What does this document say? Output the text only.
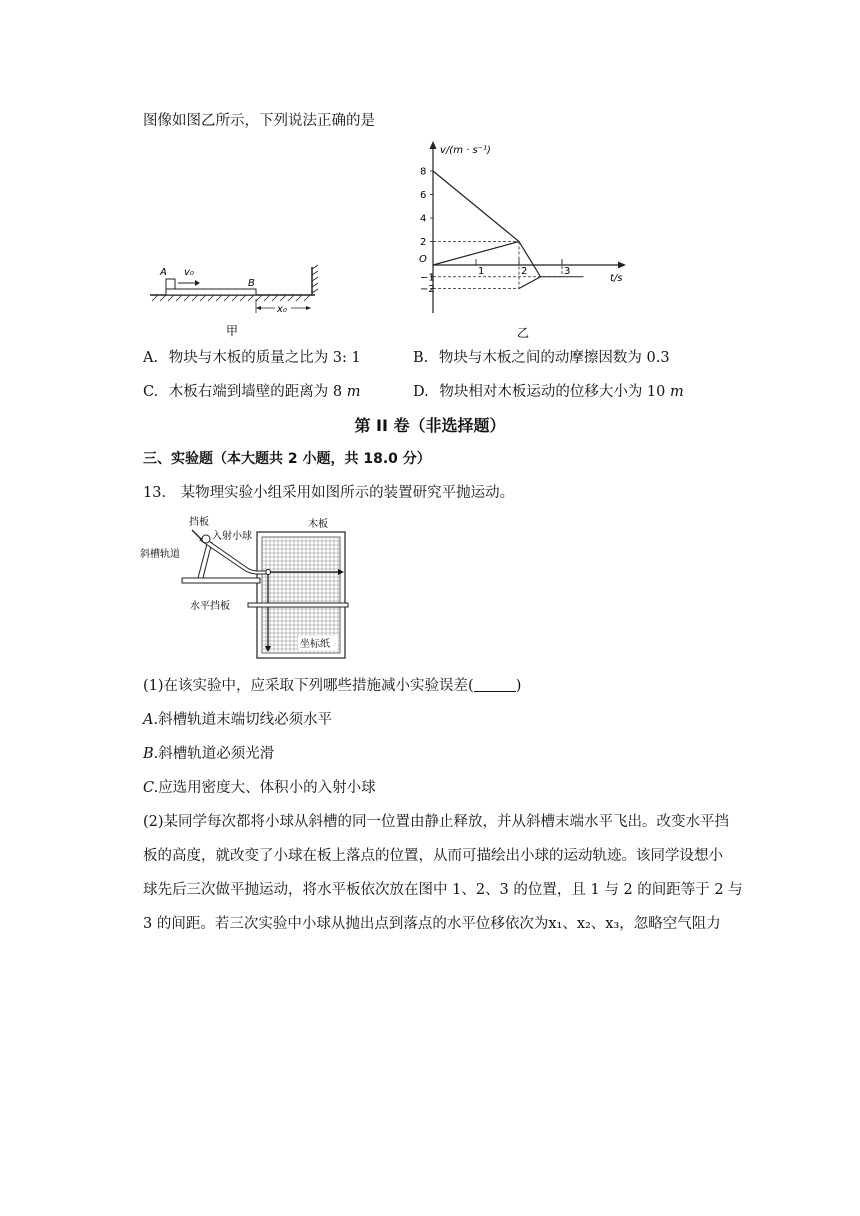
图像如图乙所示，下列说法正确的是
A v₀
B
x₀
甲
v/(m · s⁻¹)
t/s
O
8
6
4
2
−1
−2
1	2	3
乙
A. 物块与木板的质量之比为 3: 1	B. 物块与木板之间的动摩擦因数为 0.3
C. 木板右端到墙壁的距离为 8 m	D. 物块相对木板运动的位移大小为 10 m
第 II 卷（非选择题）
三、实验题（本大题共 2 小题，共 18.0 分）
13. 某物理实验小组采用如图所示的装置研究平抛运动。
挡板
入射小球
斜槽轨道
木板
水平挡板
坐标纸
(1)在该实验中，应采取下列哪些措施减小实验误差(	)
A.斜槽轨道末端切线必须水平
B.斜槽轨道必须光滑
C.应选用密度大、体积小的入射小球
(2)某同学每次都将小球从斜槽的同一位置由静止释放，并从斜槽末端水平飞出。改变水平挡
板的高度，就改变了小球在板上落点的位置，从而可描绘出小球的运动轨迹。该同学设想小
球先后三次做平抛运动，将水平板依次放在图中 1、2、3 的位置，且 1 与 2 的间距等于 2 与
3 的间距。若三次实验中小球从抛出点到落点的水平位移依次为x₁、x₂、x₃，忽略空气阻力
